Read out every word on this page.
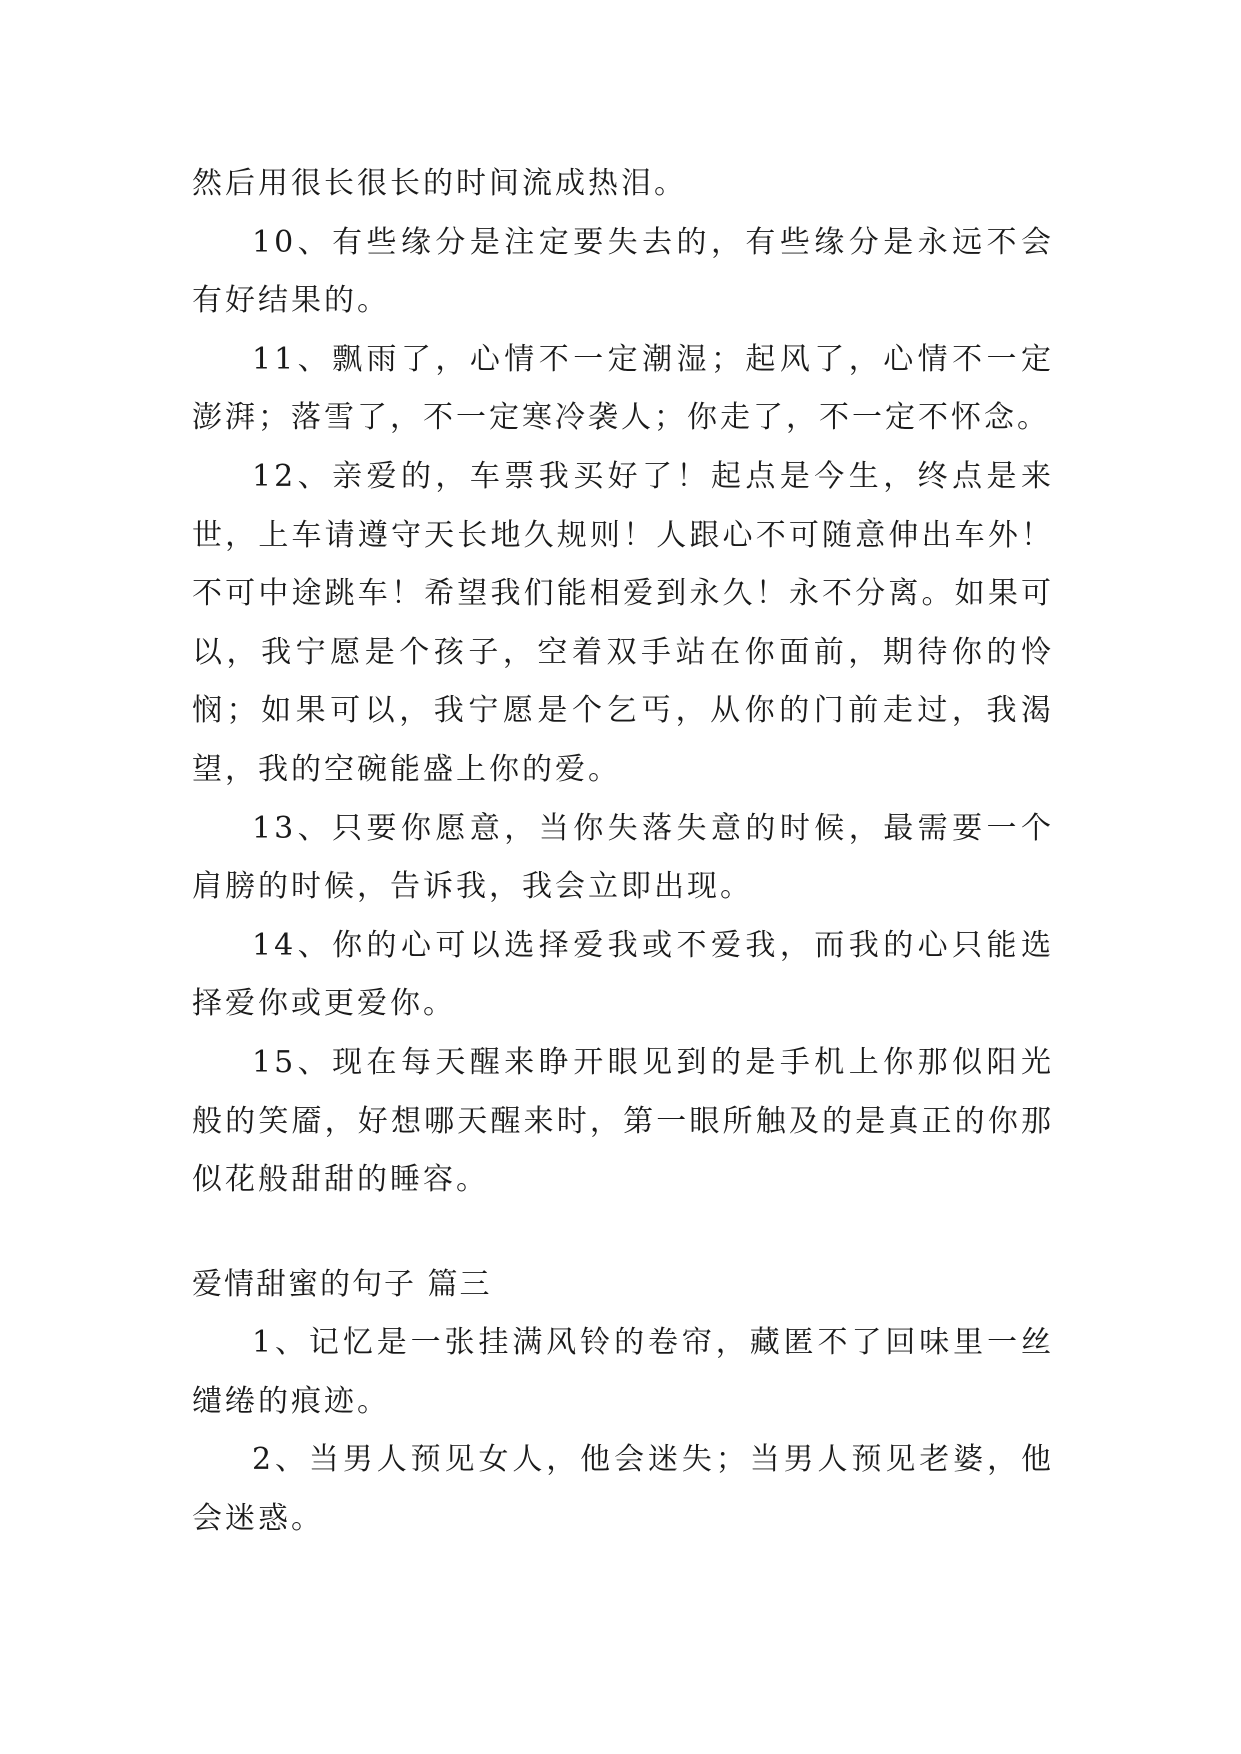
然后用很长很长的时间流成热泪。

10、有些缘分是注定要失去的，有些缘分是永远不会有好结果的。

11、飘雨了，心情不一定潮湿；起风了，心情不一定澎湃；落雪了，不一定寒冷袭人；你走了，不一定不怀念。

12、亲爱的，车票我买好了！起点是今生，终点是来世，上车请遵守天长地久规则！人跟心不可随意伸出车外！不可中途跳车！希望我们能相爱到永久！永不分离。如果可以，我宁愿是个孩子，空着双手站在你面前，期待你的怜悯；如果可以，我宁愿是个乞丐，从你的门前走过，我渴望，我的空碗能盛上你的爱。

13、只要你愿意，当你失落失意的时候，最需要一个肩膀的时候，告诉我，我会立即出现。

14、你的心可以选择爱我或不爱我，而我的心只能选择爱你或更爱你。

15、现在每天醒来睁开眼见到的是手机上你那似阳光般的笑靥，好想哪天醒来时，第一眼所触及的是真正的你那似花般甜甜的睡容。

爱情甜蜜的句子 篇三

1、记忆是一张挂满风铃的卷帘，藏匿不了回味里一丝缱绻的痕迹。

2、当男人预见女人，他会迷失；当男人预见老婆，他会迷惑。
